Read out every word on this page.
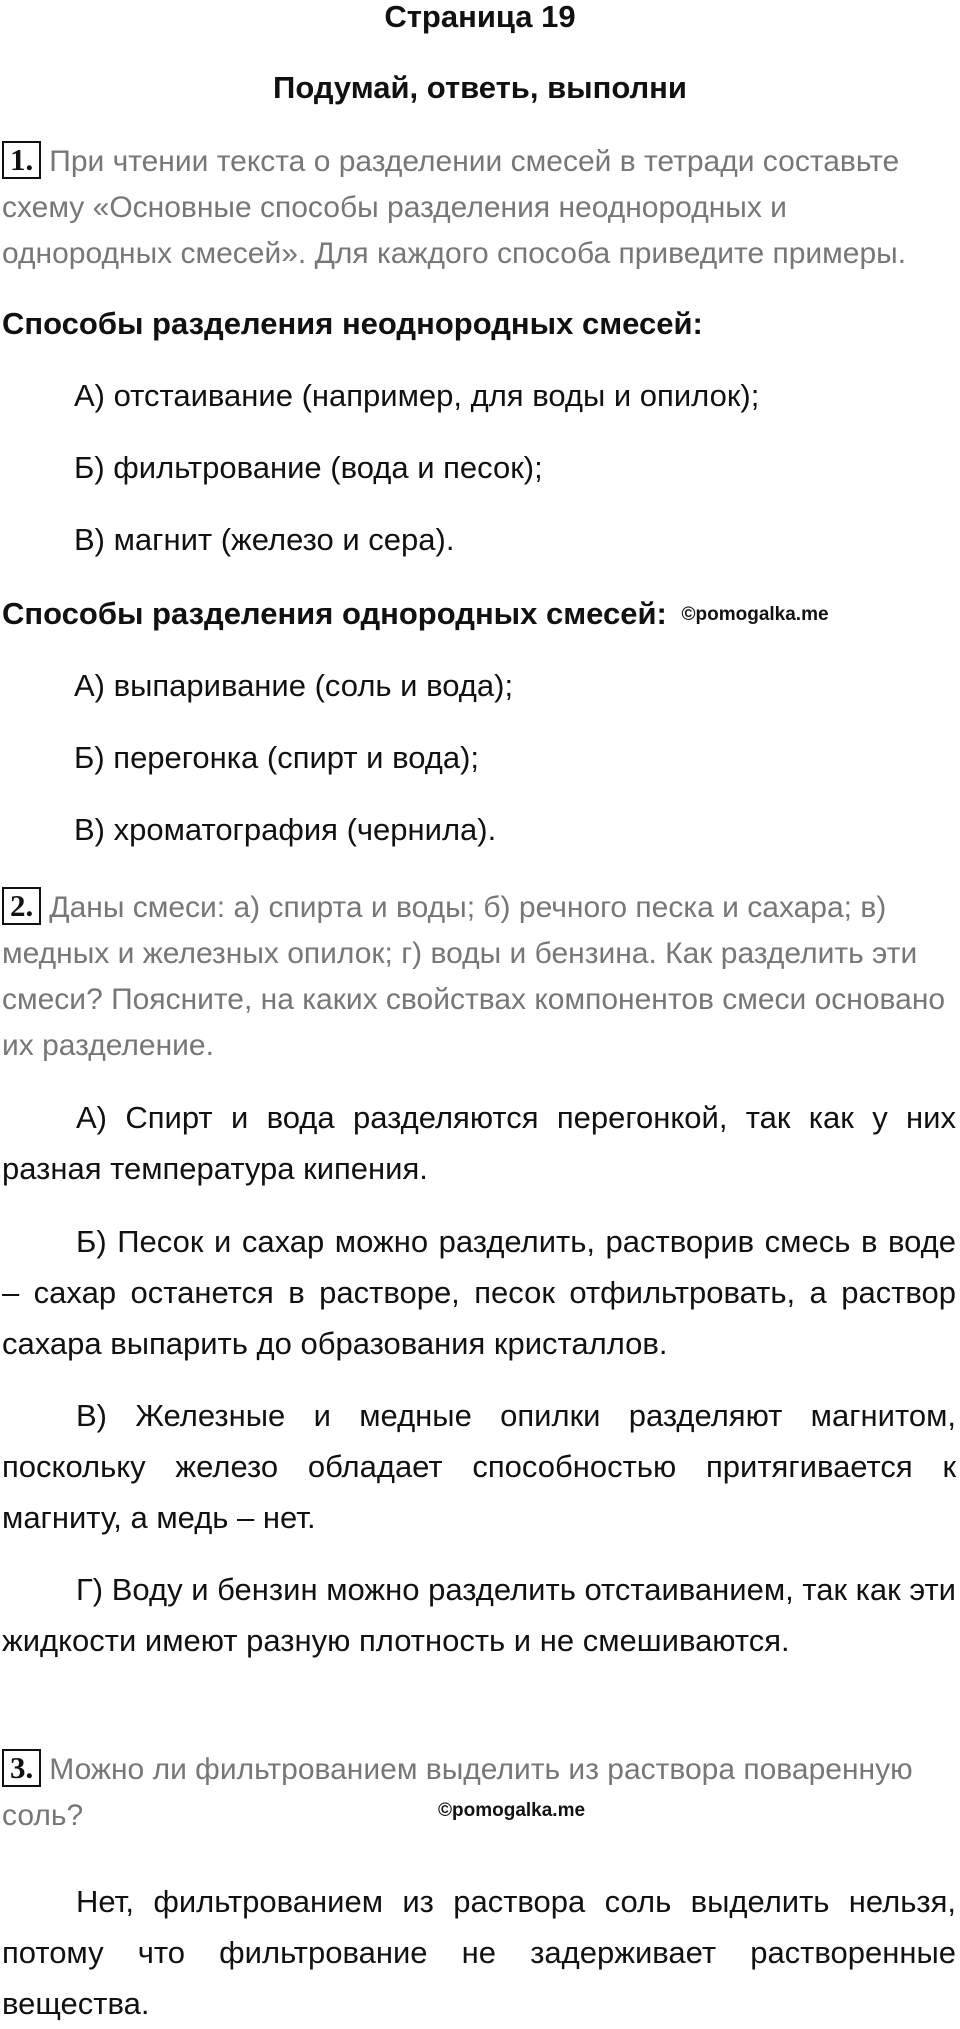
Страница 19
Подумай, ответь, выполни
1. При чтении текста о разделении смесей в тетради составьте схему «Основные способы разделения неоднородных и однородных смесей». Для каждого способа приведите примеры.
Способы разделения неоднородных смесей:
А) отстаивание (например, для воды и опилок);
Б) фильтрование (вода и песок);
В) магнит (железо и сера).
Способы разделения однородных смесей: ©pomogalka.me
А) выпаривание (соль и вода);
Б) перегонка (спирт и вода);
В) хроматография (чернила).
2. Даны смеси: а) спирта и воды; б) речного песка и сахара; в) медных и железных опилок; г) воды и бензина. Как разделить эти смеси? Поясните, на каких свойствах компонентов смеси основано их разделение.
А) Спирт и вода разделяются перегонкой, так как у них разная температура кипения.
Б) Песок и сахар можно разделить, растворив смесь в воде – сахар останется в растворе, песок отфильтровать, а раствор сахара выпарить до образования кристаллов.
В) Железные и медные опилки разделяют магнитом, поскольку железо обладает способностью притягивается к магниту, а медь – нет.
Г) Воду и бензин можно разделить отстаиванием, так как эти жидкости имеют разную плотность и не смешиваются.
3. Можно ли фильтрованием выделить из раствора поваренную соль?	©pomogalka.me
Нет, фильтрованием из раствора соль выделить нельзя, потому что фильтрование не задерживает растворенные вещества.
